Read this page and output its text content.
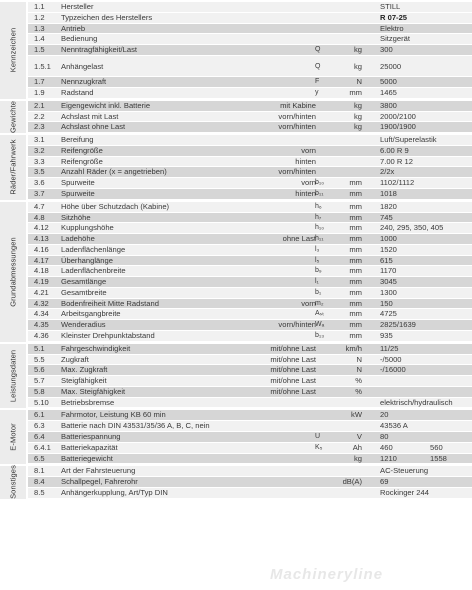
Kennzeichen
1.1 Hersteller	STILL
1.2 Typzeichen des Herstellers	R 07-25
1.3 Antrieb	Elektro
1.4 Bedienung	Sitzgerät
1.5 Nenntragfähigkeit/Last	Q	kg 300
1.5.1 Anhängelast	Q	kg 25000
1.7 Nennzugkraft	F	N 5000
1.9 Radstand	y	mm 1465
Gewichte 2.1 Eigengewicht inkl. Batterie	mit Kabine	kg 3800
2.2 Achslast mit Last	vorn/hinten	kg 2000/2100
2.3 Achslast ohne Last	vorn/hinten	kg 1900/1900
Räder/Fahrwerk
3.1 Bereifung	Luft/Superelastik
3.2 Reifengröße	vorn	6.00 R 9
3.3 Reifengröße	hinten	7.00 R 12
3.5 Anzahl Räder (x = angetrieben)	vorn/hinten	2/2x
3.6 Spurweite	vorn b₁₀	mm 1102/1112
3.7 Spurweite	hinten b₁₁	mm 1018
Grundabmessungen
4.7 Höhe über Schutzdach (Kabine)	h₆	mm 1820
4.8 Sitzhöhe	h₇	mm 745
4.12 Kupplungshöhe	h₁₀	mm 240, 295, 350, 405
4.13 Ladehöhe	ohne Last h₁₁	mm 1000
4.16 Ladenflächenlänge	l₃	mm 1520
4.17 Überhanglänge	l₅	mm 615
4.18 Ladenflächenbreite	b₉	mm 1170
4.19 Gesamtlänge	l₁	mm 3045
4.21 Gesamtbreite	b₁	mm 1300
4.32 Bodenfreiheit Mitte Radstand	vorn m₂	mm 150
4.34 Arbeitsgangbreite	Aₛₜ	mm 4725
4.35 Wenderadius	vorn/hinten Wₐ	mm 2825/1639
4.36 Kleinster Drehpunktabstand	b₁₃	mm 935
Leistungsdaten
5.1 Fahrgeschwindigkeit	mit/ohne Last	km/h 11/25
5.5 Zugkraft	mit/ohne Last	N -/5000
5.6 Max. Zugkraft	mit/ohne Last	N -/16000
5.7 Steigfähigkeit	mit/ohne Last	%
5.8 Max. Steigfähigkeit	mit/ohne Last	%
5.10 Betriebsbremse	elektrisch/hydraulisch
E-Motor
6.1 Fahrmotor, Leistung KB 60 min	kW 20
6.3 Batterie nach DIN 43531/35/36 A, B, C, nein	43536 A
6.4 Batteriespannung	U	V 80
6.4.1 Batteriekapazität	K₅	Ah 460	560
6.5 Batteriegewicht	kg 1210	1558
Sonstiges 8.1 Art der Fahrsteuerung	AC-Steuerung
8.4 Schallpegel, Fahrerohr	dB(A) 69
8.5 Anhängerkupplung, Art/Typ DIN	Rockinger 244
Machineryline
